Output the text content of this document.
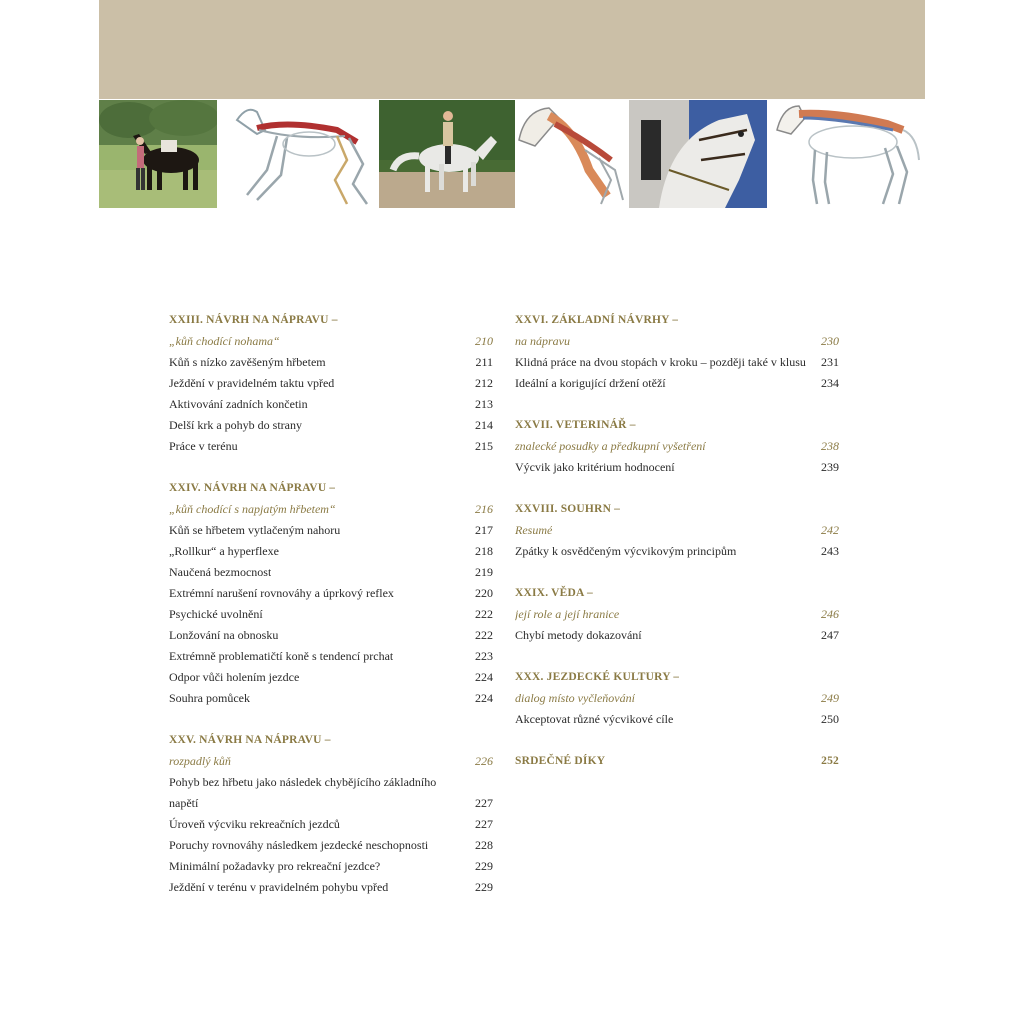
XXIII. NÁVRH NA NÁPRAVU –
„kůň chodící nohama“	210
Kůň s nízko zavěšeným hřbetem	211
Ježdění v pravidelném taktu vpřed	212
Aktivování zadních končetin	213
Delší krk a pohyb do strany	214
Práce v terénu	215
XXIV. NÁVRH NA NÁPRAVU –
„kůň chodící s napjatým hřbetem“	216
Kůň se hřbetem vytlačeným nahoru	217
„Rollkur“ a hyperflexe	218
Naučená bezmocnost	219
Extrémní narušení rovnováhy a úprkový reflex	220
Psychické uvolnění	222
Lonžování na obnosku	222
Extrémně problematičtí koně s tendencí prchat	223
Odpor vůči holením jezdce	224
Souhra pomůcek	224
XXV. NÁVRH NA NÁPRAVU –
rozpadlý kůň	226
Pohyb bez hřbetu jako následek chybějícího základního napětí	227
Úroveň výcviku rekreačních jezdců	227
Poruchy rovnováhy následkem jezdecké neschopnosti	228
Minimální požadavky pro rekreační jezdce?	229
Ježdění v terénu v pravidelném pohybu vpřed	229
XXVI. ZÁKLADNÍ NÁVRHY –
na nápravu	230
Klidná práce na dvou stopách v kroku – později také v klusu	231
Ideální a korigující držení otěží	234
XXVII. VETERINÁŘ –
znalecké posudky a předkupní vyšetření	238
Výcvik jako kritérium hodnocení	239
XXVIII. SOUHRN –
Resumé	242
Zpátky k osvědčeným výcvikovým principům	243
XXIX. VĚDA –
její role a její hranice	246
Chybí metody dokazování	247
XXX. JEZDECKÉ KULTURY –
dialog místo vyčleňování	249
Akceptovat různé výcvikové cíle	250
SRDEČNÉ DÍKY	252
